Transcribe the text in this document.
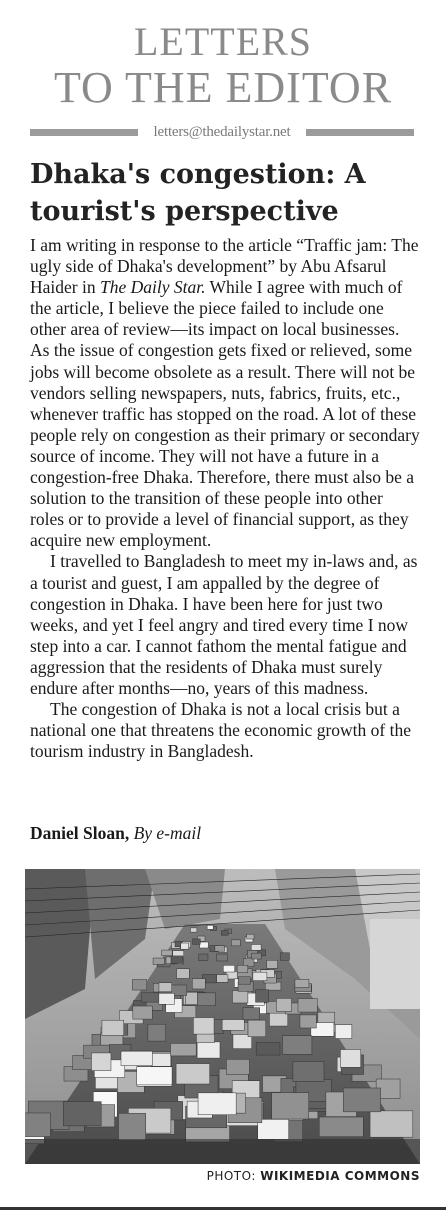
LETTERS
TO THE EDITOR
letters@thedailystar.net
Dhaka's congestion: A tourist's perspective

I am writing in response to the article “Traffic jam: The ugly side of Dhaka's development” by Abu Afsarul Haider in The Daily Star. While I agree with much of the article, I believe the piece failed to include one other area of review—its impact on local businesses. As the issue of congestion gets fixed or relieved, some jobs will become obsolete as a result. There will not be vendors selling newspapers, nuts, fabrics, fruits, etc., whenever traffic has stopped on the road. A lot of these people rely on congestion as their primary or secondary source of income. They will not have a future in a congestion-free Dhaka. Therefore, there must also be a solution to the transition of these people into other roles or to provide a level of financial support, as they acquire new employment.

I travelled to Bangladesh to meet my in-laws and, as a tourist and guest, I am appalled by the degree of congestion in Dhaka. I have been here for just two weeks, and yet I feel angry and tired every time I now step into a car. I cannot fathom the mental fatigue and aggression that the residents of Dhaka must surely endure after months—no, years of this madness.

The congestion of Dhaka is not a local crisis but a national one that threatens the economic growth of the tourism industry in Bangladesh.

Daniel Sloan, By e-mail
PHOTO: WIKIMEDIA COMMONS
